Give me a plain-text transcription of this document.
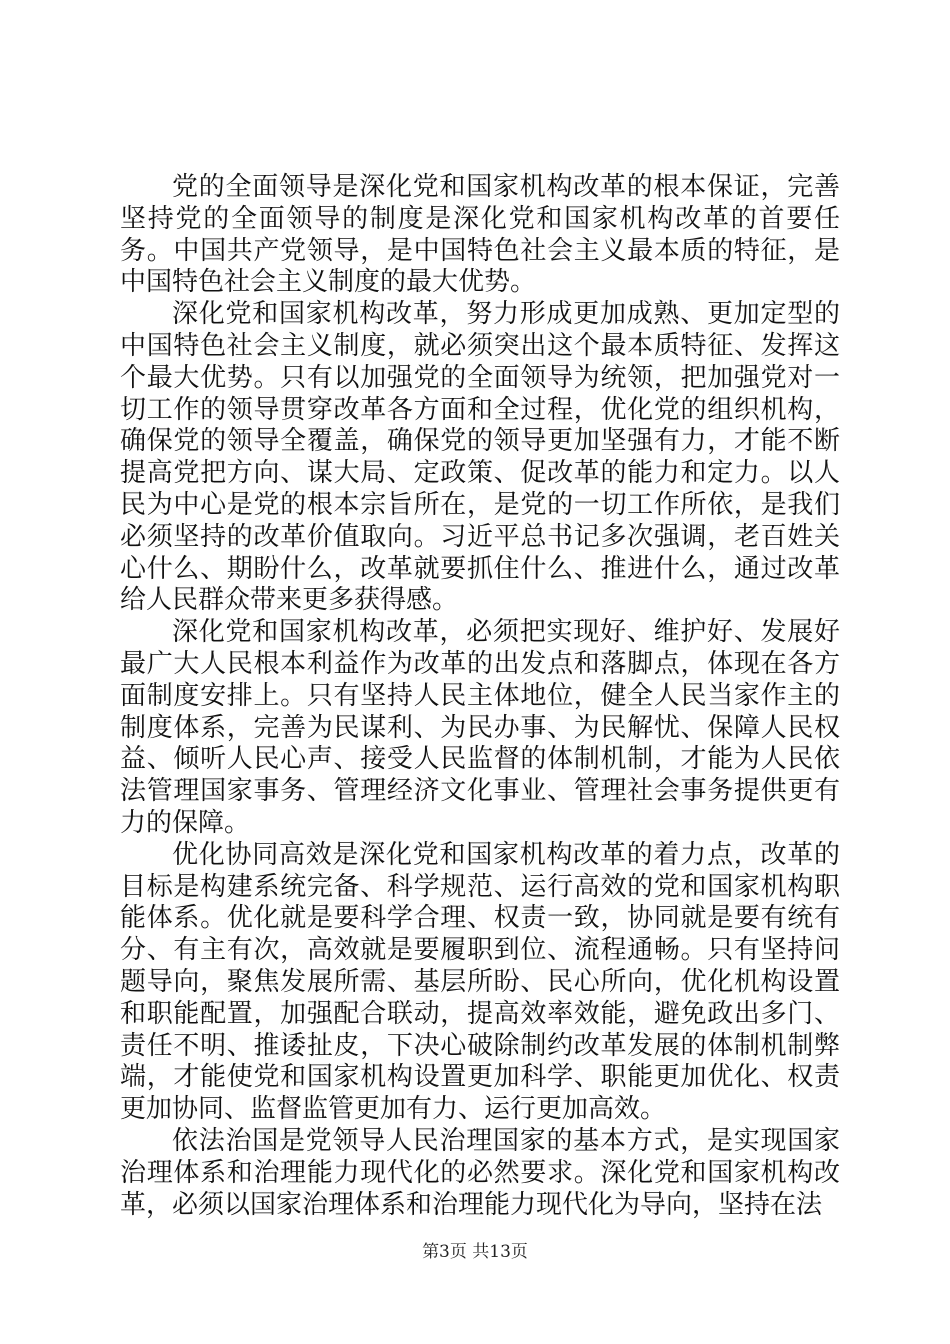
党的全面领导是深化党和国家机构改革的根本保证，完善坚持党的全面领导的制度是深化党和国家机构改革的首要任务。中国共产党领导，是中国特色社会主义最本质的特征，是中国特色社会主义制度的最大优势。

深化党和国家机构改革，努力形成更加成熟、更加定型的中国特色社会主义制度，就必须突出这个最本质特征、发挥这个最大优势。只有以加强党的全面领导为统领，把加强党对一切工作的领导贯穿改革各方面和全过程，优化党的组织机构，确保党的领导全覆盖，确保党的领导更加坚强有力，才能不断提高党把方向、谋大局、定政策、促改革的能力和定力。以人民为中心是党的根本宗旨所在，是党的一切工作所依，是我们必须坚持的改革价值取向。习近平总书记多次强调，老百姓关心什么、期盼什么，改革就要抓住什么、推进什么，通过改革给人民群众带来更多获得感。

深化党和国家机构改革，必须把实现好、维护好、发展好最广大人民根本利益作为改革的出发点和落脚点，体现在各方面制度安排上。只有坚持人民主体地位，健全人民当家作主的制度体系，完善为民谋利、为民办事、为民解忧、保障人民权益、倾听人民心声、接受人民监督的体制机制，才能为人民依法管理国家事务、管理经济文化事业、管理社会事务提供更有力的保障。

优化协同高效是深化党和国家机构改革的着力点，改革的目标是构建系统完备、科学规范、运行高效的党和国家机构职能体系。优化就是要科学合理、权责一致，协同就是要有统有分、有主有次，高效就是要履职到位、流程通畅。只有坚持问题导向，聚焦发展所需、基层所盼、民心所向，优化机构设置和职能配置，加强配合联动，提高效率效能，避免政出多门、责任不明、推诿扯皮，下决心破除制约改革发展的体制机制弊端，才能使党和国家机构设置更加科学、职能更加优化、权责更加协同、监督监管更加有力、运行更加高效。

依法治国是党领导人民治理国家的基本方式，是实现国家治理体系和治理能力现代化的必然要求。深化党和国家机构改革，必须以国家治理体系和治理能力现代化为导向，坚持在法

第3页 共13页
